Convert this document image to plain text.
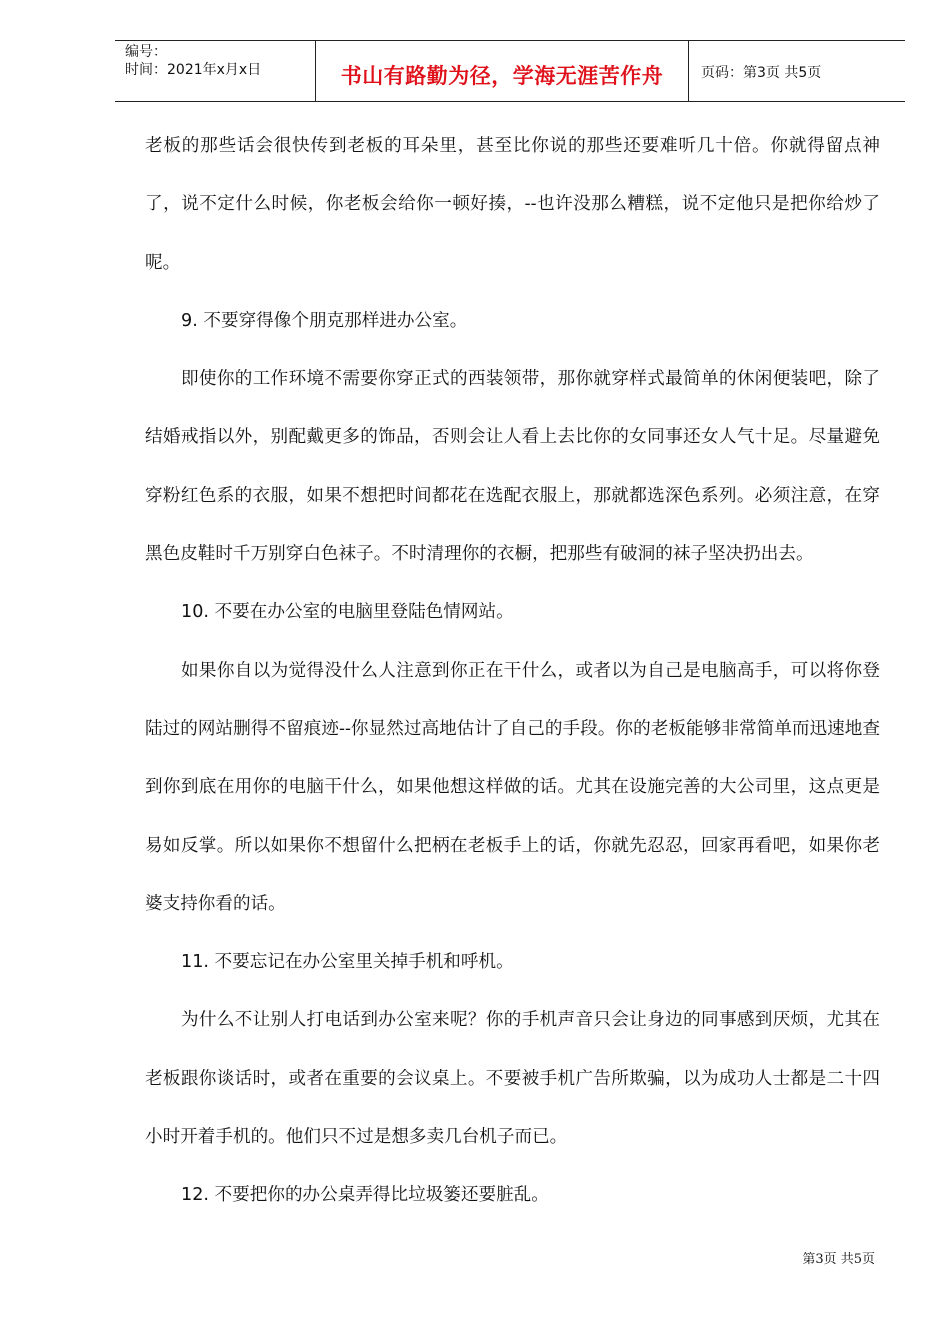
编号：
时间：2021年x月x日	书山有路勤为径，学海无涯苦作舟	页码：第3页 共5页

老板的那些话会很快传到老板的耳朵里，甚至比你说的那些还要难听几十倍。你就得留点神了，说不定什么时候，你老板会给你一顿好揍，--也许没那么糟糕，说不定他只是把你给炒了呢。

9. 不要穿得像个朋克那样进办公室。

即使你的工作环境不需要你穿正式的西装领带，那你就穿样式最简单的休闲便装吧，除了结婚戒指以外，别配戴更多的饰品，否则会让人看上去比你的女同事还女人气十足。尽量避免穿粉红色系的衣服，如果不想把时间都花在选配衣服上，那就都选深色系列。必须注意，在穿黑色皮鞋时千万别穿白色袜子。不时清理你的衣橱，把那些有破洞的袜子坚决扔出去。

10. 不要在办公室的电脑里登陆色情网站。

如果你自以为觉得没什么人注意到你正在干什么，或者以为自己是电脑高手，可以将你登陆过的网站删得不留痕迹--你显然过高地估计了自己的手段。你的老板能够非常简单而迅速地查到你到底在用你的电脑干什么，如果他想这样做的话。尤其在设施完善的大公司里，这点更是易如反掌。所以如果你不想留什么把柄在老板手上的话，你就先忍忍，回家再看吧，如果你老婆支持你看的话。

11. 不要忘记在办公室里关掉手机和呼机。

为什么不让别人打电话到办公室来呢？你的手机声音只会让身边的同事感到厌烦，尤其在老板跟你谈话时，或者在重要的会议桌上。不要被手机广告所欺骗，以为成功人士都是二十四小时开着手机的。他们只不过是想多卖几台机子而已。

12. 不要把你的办公桌弄得比垃圾篓还要脏乱。

第3页 共5页
